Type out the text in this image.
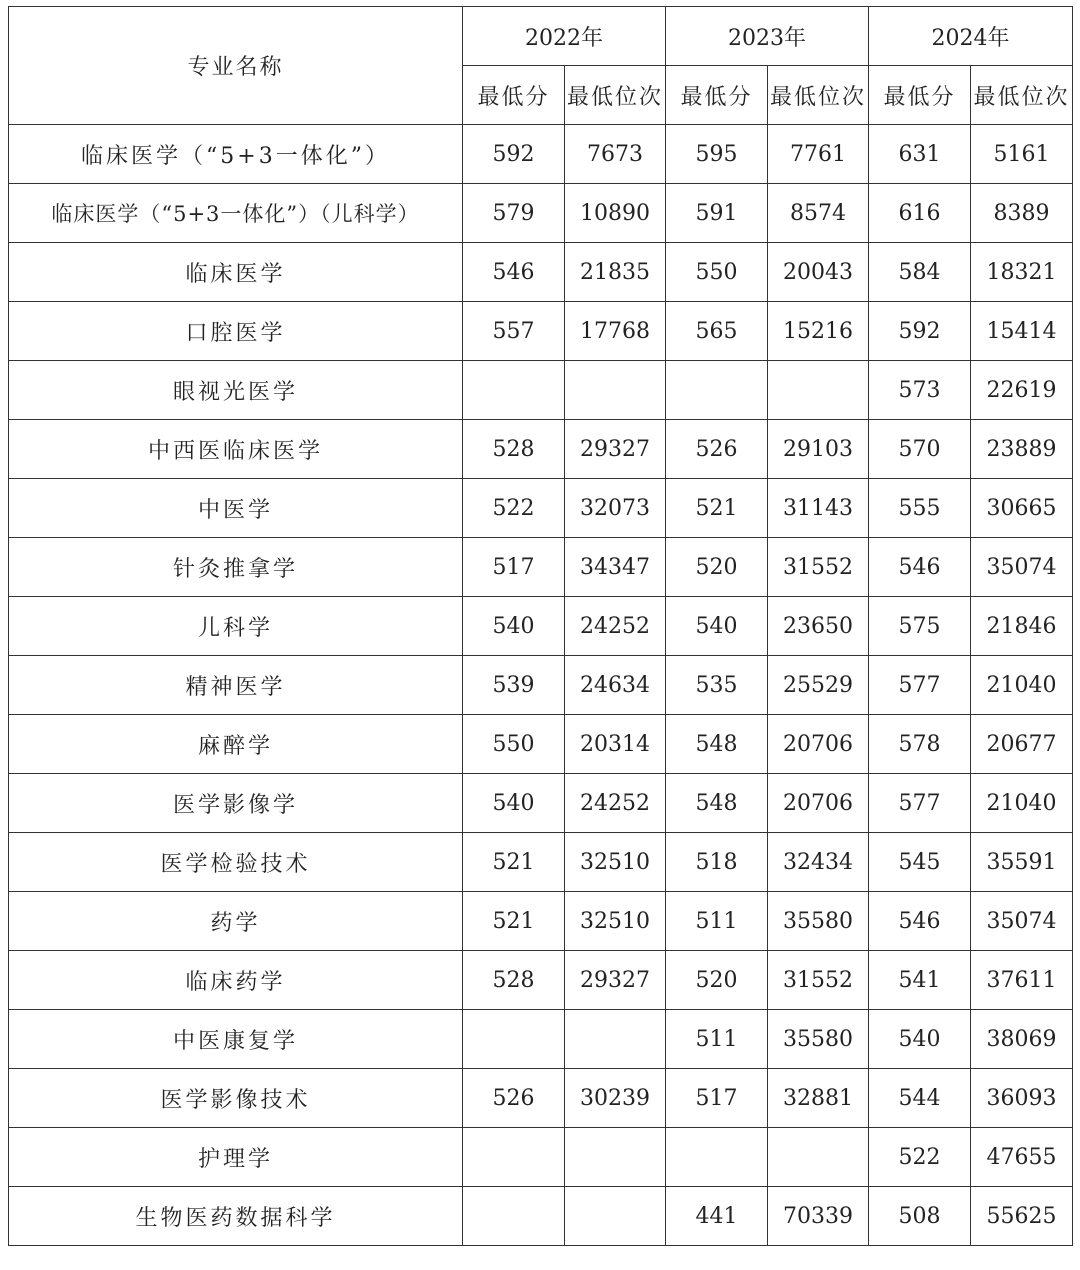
专业名称	2022年		2023年		2024年	
	最低分	最低位次	最低分	最低位次	最低分	最低位次
临床医学（“5+3一体化”）	592	7673	595	7761	631	5161
临床医学（“5+3一体化”）（儿科学）	579	10890	591	8574	616	8389
临床医学	546	21835	550	20043	584	18321
口腔医学	557	17768	565	15216	592	15414
眼视光医学					573	22619
中西医临床医学	528	29327	526	29103	570	23889
中医学	522	32073	521	31143	555	30665
针灸推拿学	517	34347	520	31552	546	35074
儿科学	540	24252	540	23650	575	21846
精神医学	539	24634	535	25529	577	21040
麻醉学	550	20314	548	20706	578	20677
医学影像学	540	24252	548	20706	577	21040
医学检验技术	521	32510	518	32434	545	35591
药学	521	32510	511	35580	546	35074
临床药学	528	29327	520	31552	541	37611
中医康复学			511	35580	540	38069
医学影像技术	526	30239	517	32881	544	36093
护理学					522	47655
生物医药数据科学			441	70339	508	55625
